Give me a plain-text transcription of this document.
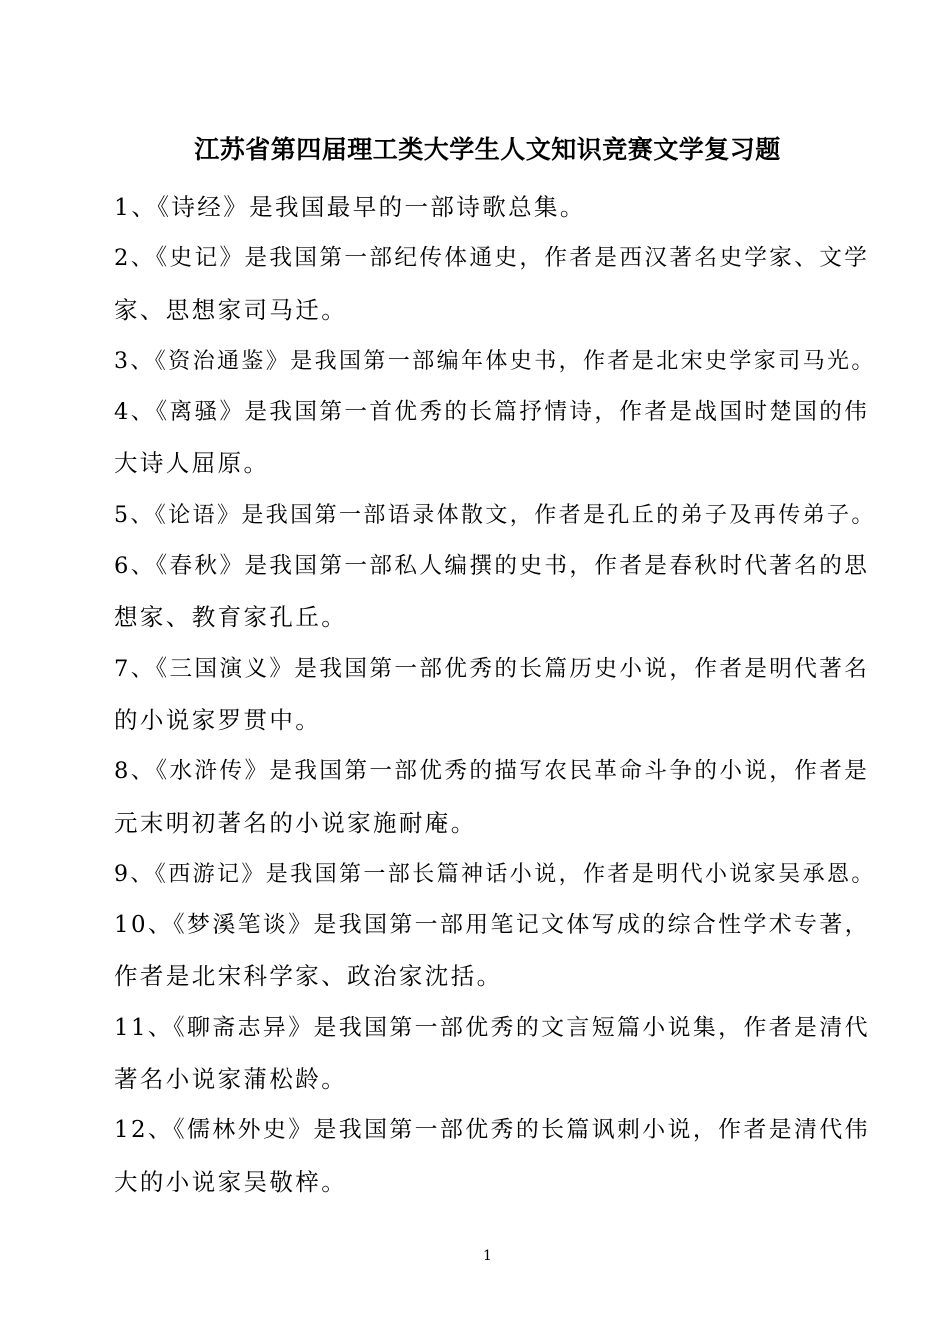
江苏省第四届理工类大学生人文知识竞赛文学复习题

1、《诗经》是我国最早的一部诗歌总集。

2、《史记》是我国第一部纪传体通史，作者是西汉著名史学家、文学
家、思想家司马迁。

3、《资治通鉴》是我国第一部编年体史书，作者是北宋史学家司马光。

4、《离骚》是我国第一首优秀的长篇抒情诗，作者是战国时楚国的伟
大诗人屈原。

5、《论语》是我国第一部语录体散文，作者是孔丘的弟子及再传弟子。

6、《春秋》是我国第一部私人编撰的史书，作者是春秋时代著名的思
想家、教育家孔丘。

7、《三国演义》是我国第一部优秀的长篇历史小说，作者是明代著名
的小说家罗贯中。

8、《水浒传》是我国第一部优秀的描写农民革命斗争的小说，作者是
元末明初著名的小说家施耐庵。

9、《西游记》是我国第一部长篇神话小说，作者是明代小说家吴承恩。

10、《梦溪笔谈》是我国第一部用笔记文体写成的综合性学术专著，
作者是北宋科学家、政治家沈括。

11、《聊斋志异》是我国第一部优秀的文言短篇小说集，作者是清代
著名小说家蒲松龄。

12、《儒林外史》是我国第一部优秀的长篇讽刺小说，作者是清代伟
大的小说家吴敬梓。

1
